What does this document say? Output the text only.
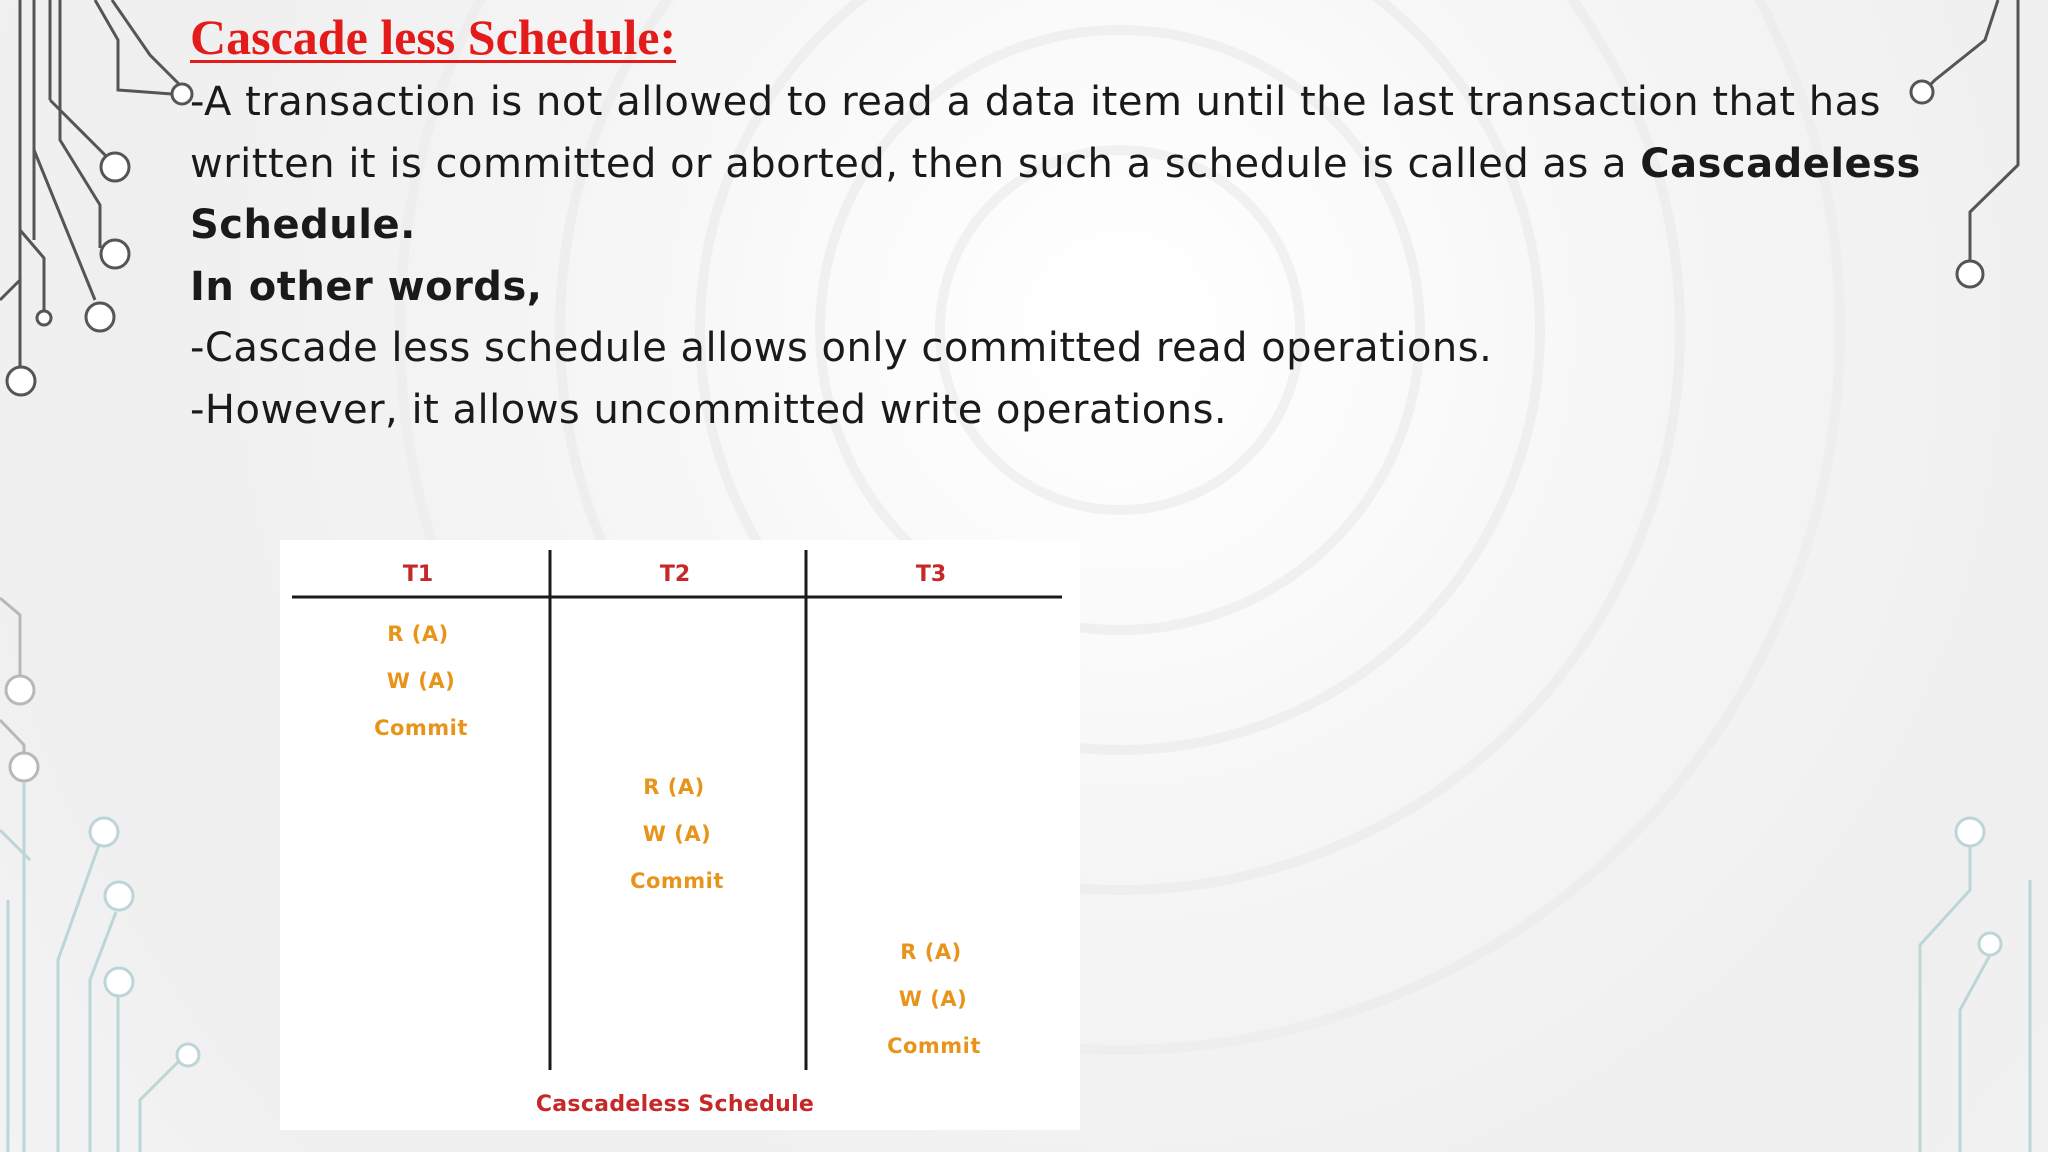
Cascade less Schedule:

-A transaction is not allowed to read a data item until the last transaction that has

written it is committed or aborted, then such a schedule is called as a Cascadeless

Schedule.

In other words,

-Cascade less schedule allows only committed read operations.

-However, it allows uncommitted write operations.

T1	T2	T3
R (A)
W (A)
Commit
R (A)
W (A)
Commit
R (A)
W (A)
Commit
Cascadeless Schedule
